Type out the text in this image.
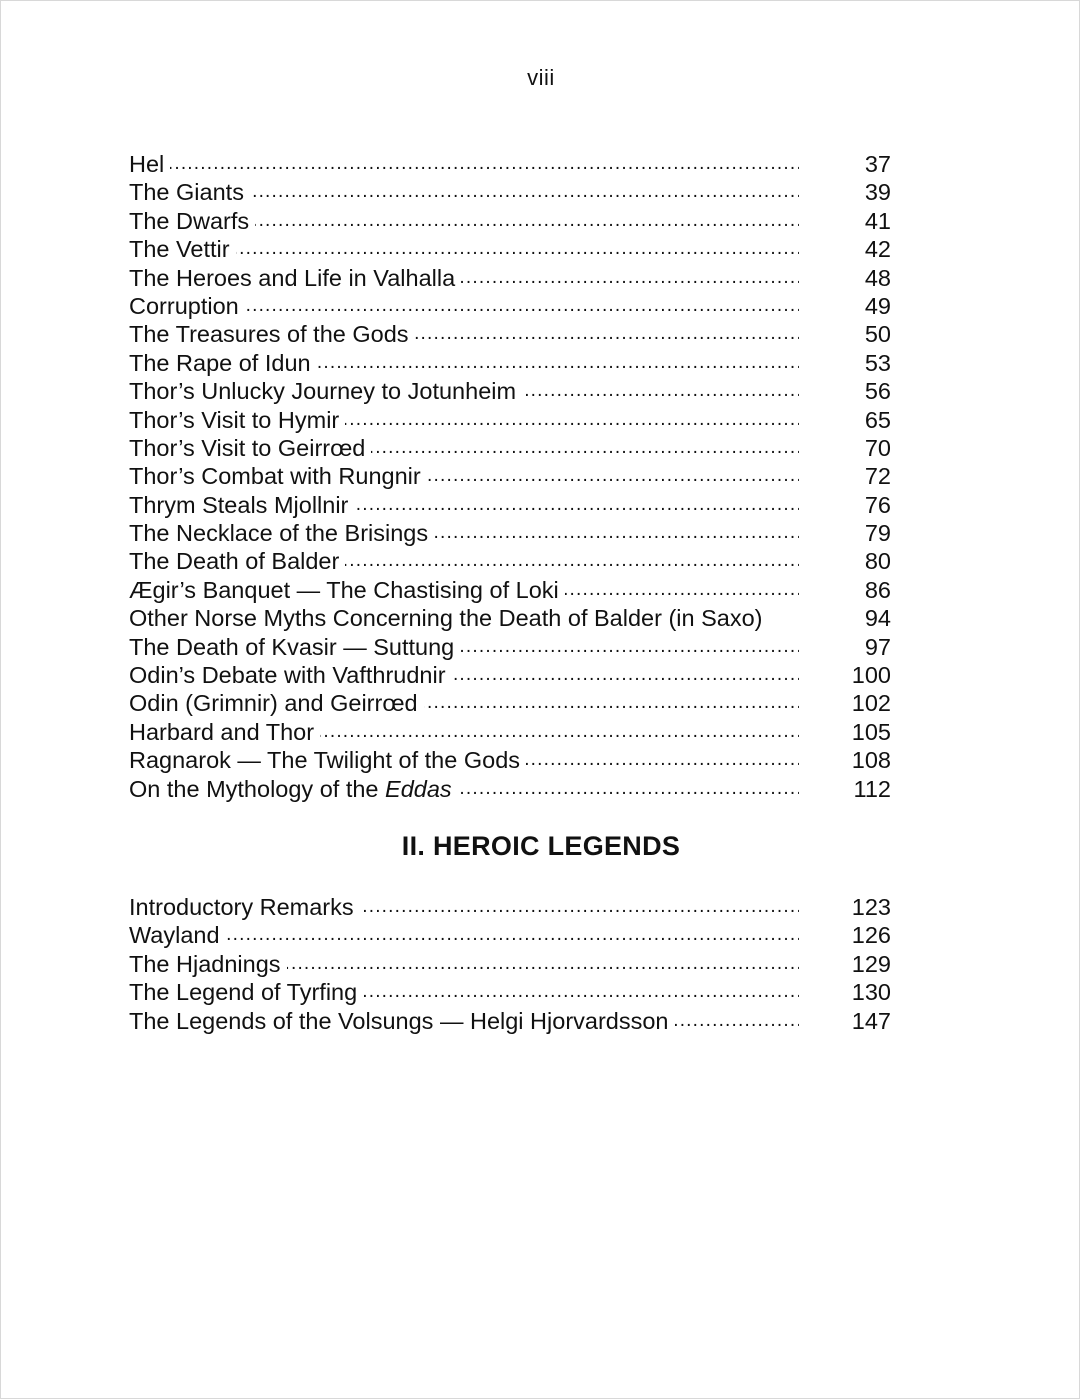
viii
.....
Hel	37
.....
The Giants	39
.....
The Dwarfs	41
.....
The Vettir	42
.....
The Heroes and Life in Valhalla	48
.....
Corruption	49
.....
The Treasures of the Gods	50
.....
The Rape of Idun	53
.....
Thor’s Unlucky Journey to Jotunheim	56
.....
Thor’s Visit to Hymir	65
.....
Thor’s Visit to Geirrœd	70
.....
Thor’s Combat with Rungnir	72
.....
Thrym Steals Mjollnir	76
.....
The Necklace of the Brisings	79
.....
The Death of Balder	80
.....
Ægir’s Banquet — The Chastising of Loki	86
Other Norse Myths Concerning the Death of Balder (in Saxo)	94
.....
The Death of Kvasir — Suttung	97
.....
Odin’s Debate with Vafthrudnir	100
.....
Odin (Grimnir) and Geirrœd	102
.....
Harbard and Thor	105
.....
Ragnarok — The Twilight of the Gods	108
.....
On the Mythology of the Eddas	112
II. HEROIC LEGENDS
.....
Introductory Remarks	123
.....
Wayland	126
.....
The Hjadnings	129
.....
The Legend of Tyrfing	130
.....
The Legends of the Volsungs — Helgi Hjorvardsson	147
